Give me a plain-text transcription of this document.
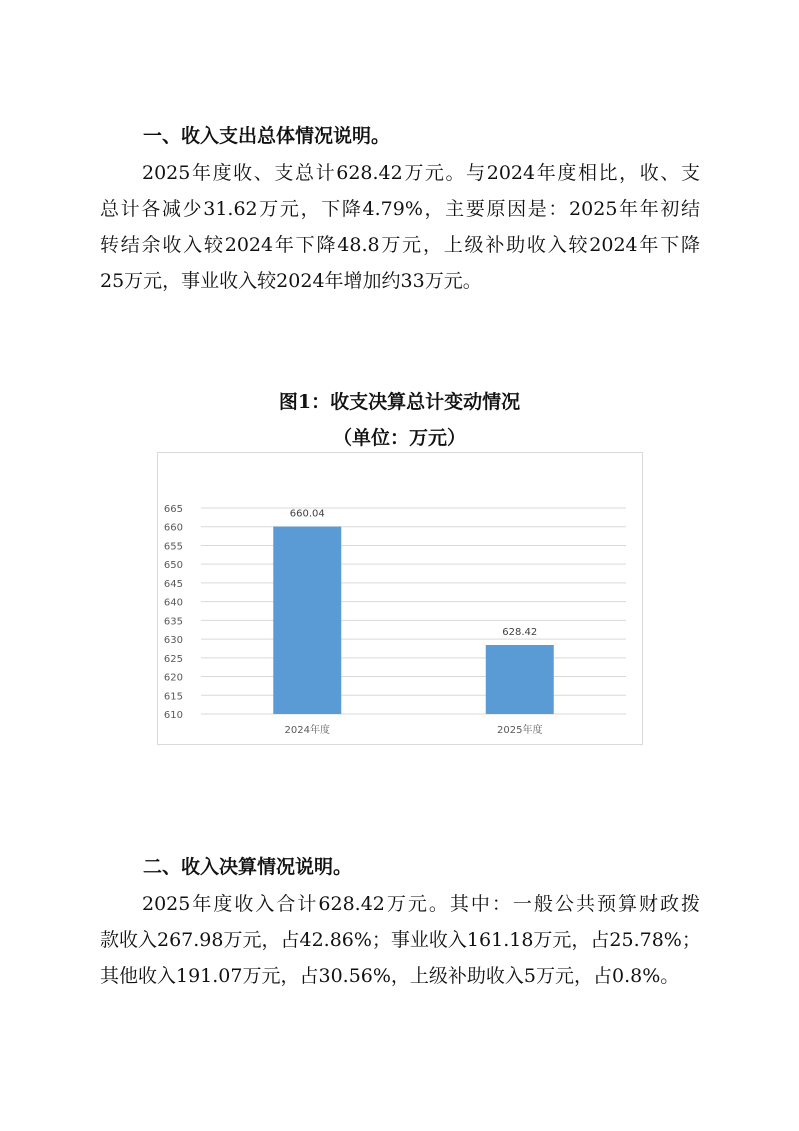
一、收入支出总体情况说明。
2025年度收、支总计628.42万元。与2024年度相比，收、支
总计各减少31.62万元，下降4.79%，主要原因是：2025年年初结
转结余收入较2024年下降48.8万元，上级补助收入较2024年下降
25万元，事业收入较2024年增加约33万元。
图1：收支决算总计变动情况
（单位：万元）
610
615
620
625
630
635
640
645
650
655
660
665	660.04
2024年度
628.42
2025年度
二、收入决算情况说明。
2025年度收入合计628.42万元。其中：一般公共预算财政拨
款收入267.98万元，占42.86%；事业收入161.18万元，占25.78%；
其他收入191.07万元，占30.56%，上级补助收入5万元，占0.8%。
